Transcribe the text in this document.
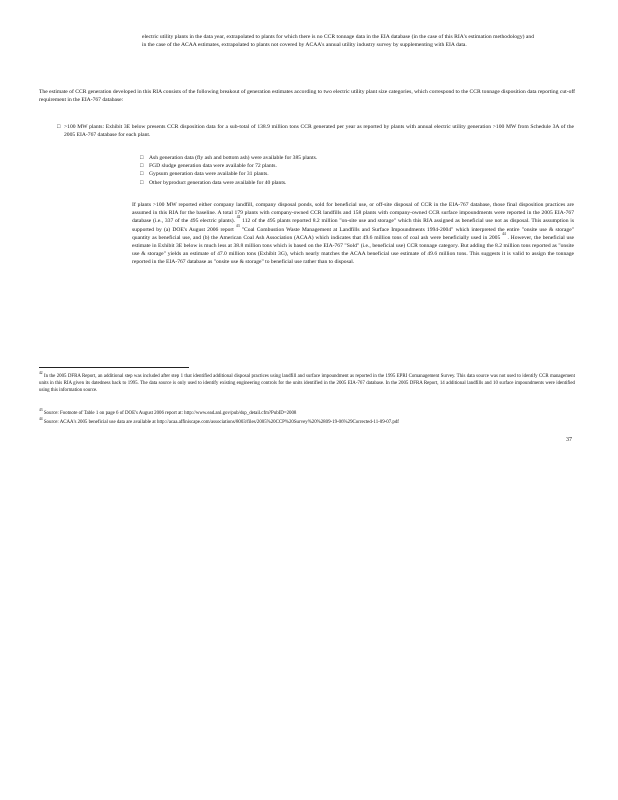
electric utility plants in the data year, extrapolated to plants for which there is no CCR tonnage data in the EIA database (in the case of this RIA's estimation methodology) and in the case of the ACAA estimates, extrapolated to plants not covered by ACAA's annual utility industry survey by supplementing with EIA data.
The estimate of CCR generation developed in this RIA consists of the following breakout of generation estimates according to two electric utility plant size categories, which correspond to the CCR tonnage disposition data reporting cut-off requirement in the EIA-767 database:
□ >100 MW plants: Exhibit 3E below presents CCR disposition data for a sub-total of 138.9 million tons CCR generated per year as reported by plants with annual electric utility generation >100 MW from Schedule 3A of the 2005 EIA-767 database for each plant.
□ Ash generation data (fly ash and bottom ash) were available for 385 plants.
□ FGD sludge generation data were available for 72 plants.
□ Gypsum generation data were available for 31 plants.
□ Other byproduct generation data were available for 40 plants.
If plants >100 MW reported either company landfill, company disposal ponds, sold for beneficial use, or off-site disposal of CCR in the EIA-767 database, those final disposition practices are assumed in this RIA for the baseline. A total 179 plants with company-owned CCR landfills and 158 plants with company-owned CCR surface impoundments were reported in the 2005 EIA-767 database (i.e., 337 of the 495 electric plants). $^{42}$ 112 of the 495 plants reported 8.2 million "on-site use and storage" which this RIA assigned as beneficial use not as disposal. This assumption is supported by (a) DOE's August 2006 report $^{43}$ "Coal Combustion Waste Management at Landfills and Surface Impoundments 1994-2004" which interpreted the entire "onsite use & storage" quantity as beneficial use, and (b) the American Coal Ash Association (ACAA) which indicates that 49.6 million tons of coal ash were beneficially used in 2005 $^{44}$ . However, the beneficial use estimate in Exhibit 3E below is much less at 38.8 million tons which is based on the EIA-767 "Sold" (i.e., beneficial use) CCR tonnage category. But adding the 8.2 million tons reported as "onsite use & storage" yields an estimate of 47.0 million tons (Exhibit 3G), which nearly matches the ACAA beneficial use estimate of 49.6 million tons. This suggests it is valid to assign the tonnage reported in the EIA-767 database as "onsite use & storage" to beneficial use rather than to disposal.
$^{42}$ In the 2005 DFRA Report, an additional step was included after step 1 that identified additional disposal practices using landfill and surface impoundment as reported in the 1995 EPRI Comanagement Survey. This data source was not used to identify CCR management units in this RIA given its datedness back to 1995. The data source is only used to identify existing engineering controls for the units identified in the 2005 EIA-767 database. In the 2005 DFRA Report, 14 additional landfills and 10 surface impoundments were identified using this information source.
$^{43}$ Source: Footnote of Table 1 on page 6 of DOE's August 2006 report at: http://www.ead.anl.gov/pub/dsp_detail.cfm?PubID=2008
$^{44}$ Source: ACAA's 2005 beneficial use data are available at http://acaa.affiniscape.com/associations/8003/files/2005%20CCP%20Survey%20%2809-19-06%29Corrected-11-09-07.pdf
37
